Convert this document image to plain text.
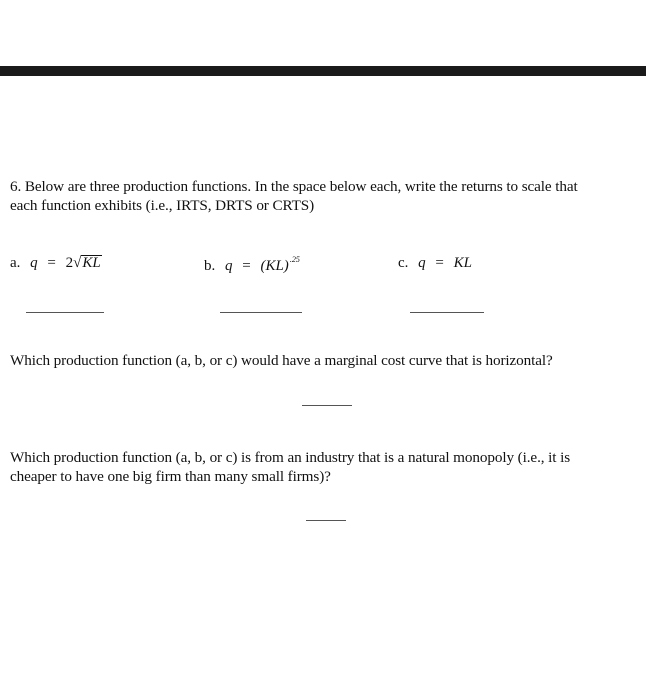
6. Below are three production functions. In the space below each, write the returns to scale that
each function exhibits (i.e., IRTS, DRTS or CRTS)
a. q = 2√KL	b. q = (KL)$^{.25}$	c. q = KL
Which production function (a, b, or c) would have a marginal cost curve that is horizontal?
Which production function (a, b, or c) is from an industry that is a natural monopoly (i.e., it is
cheaper to have one big firm than many small firms)?
